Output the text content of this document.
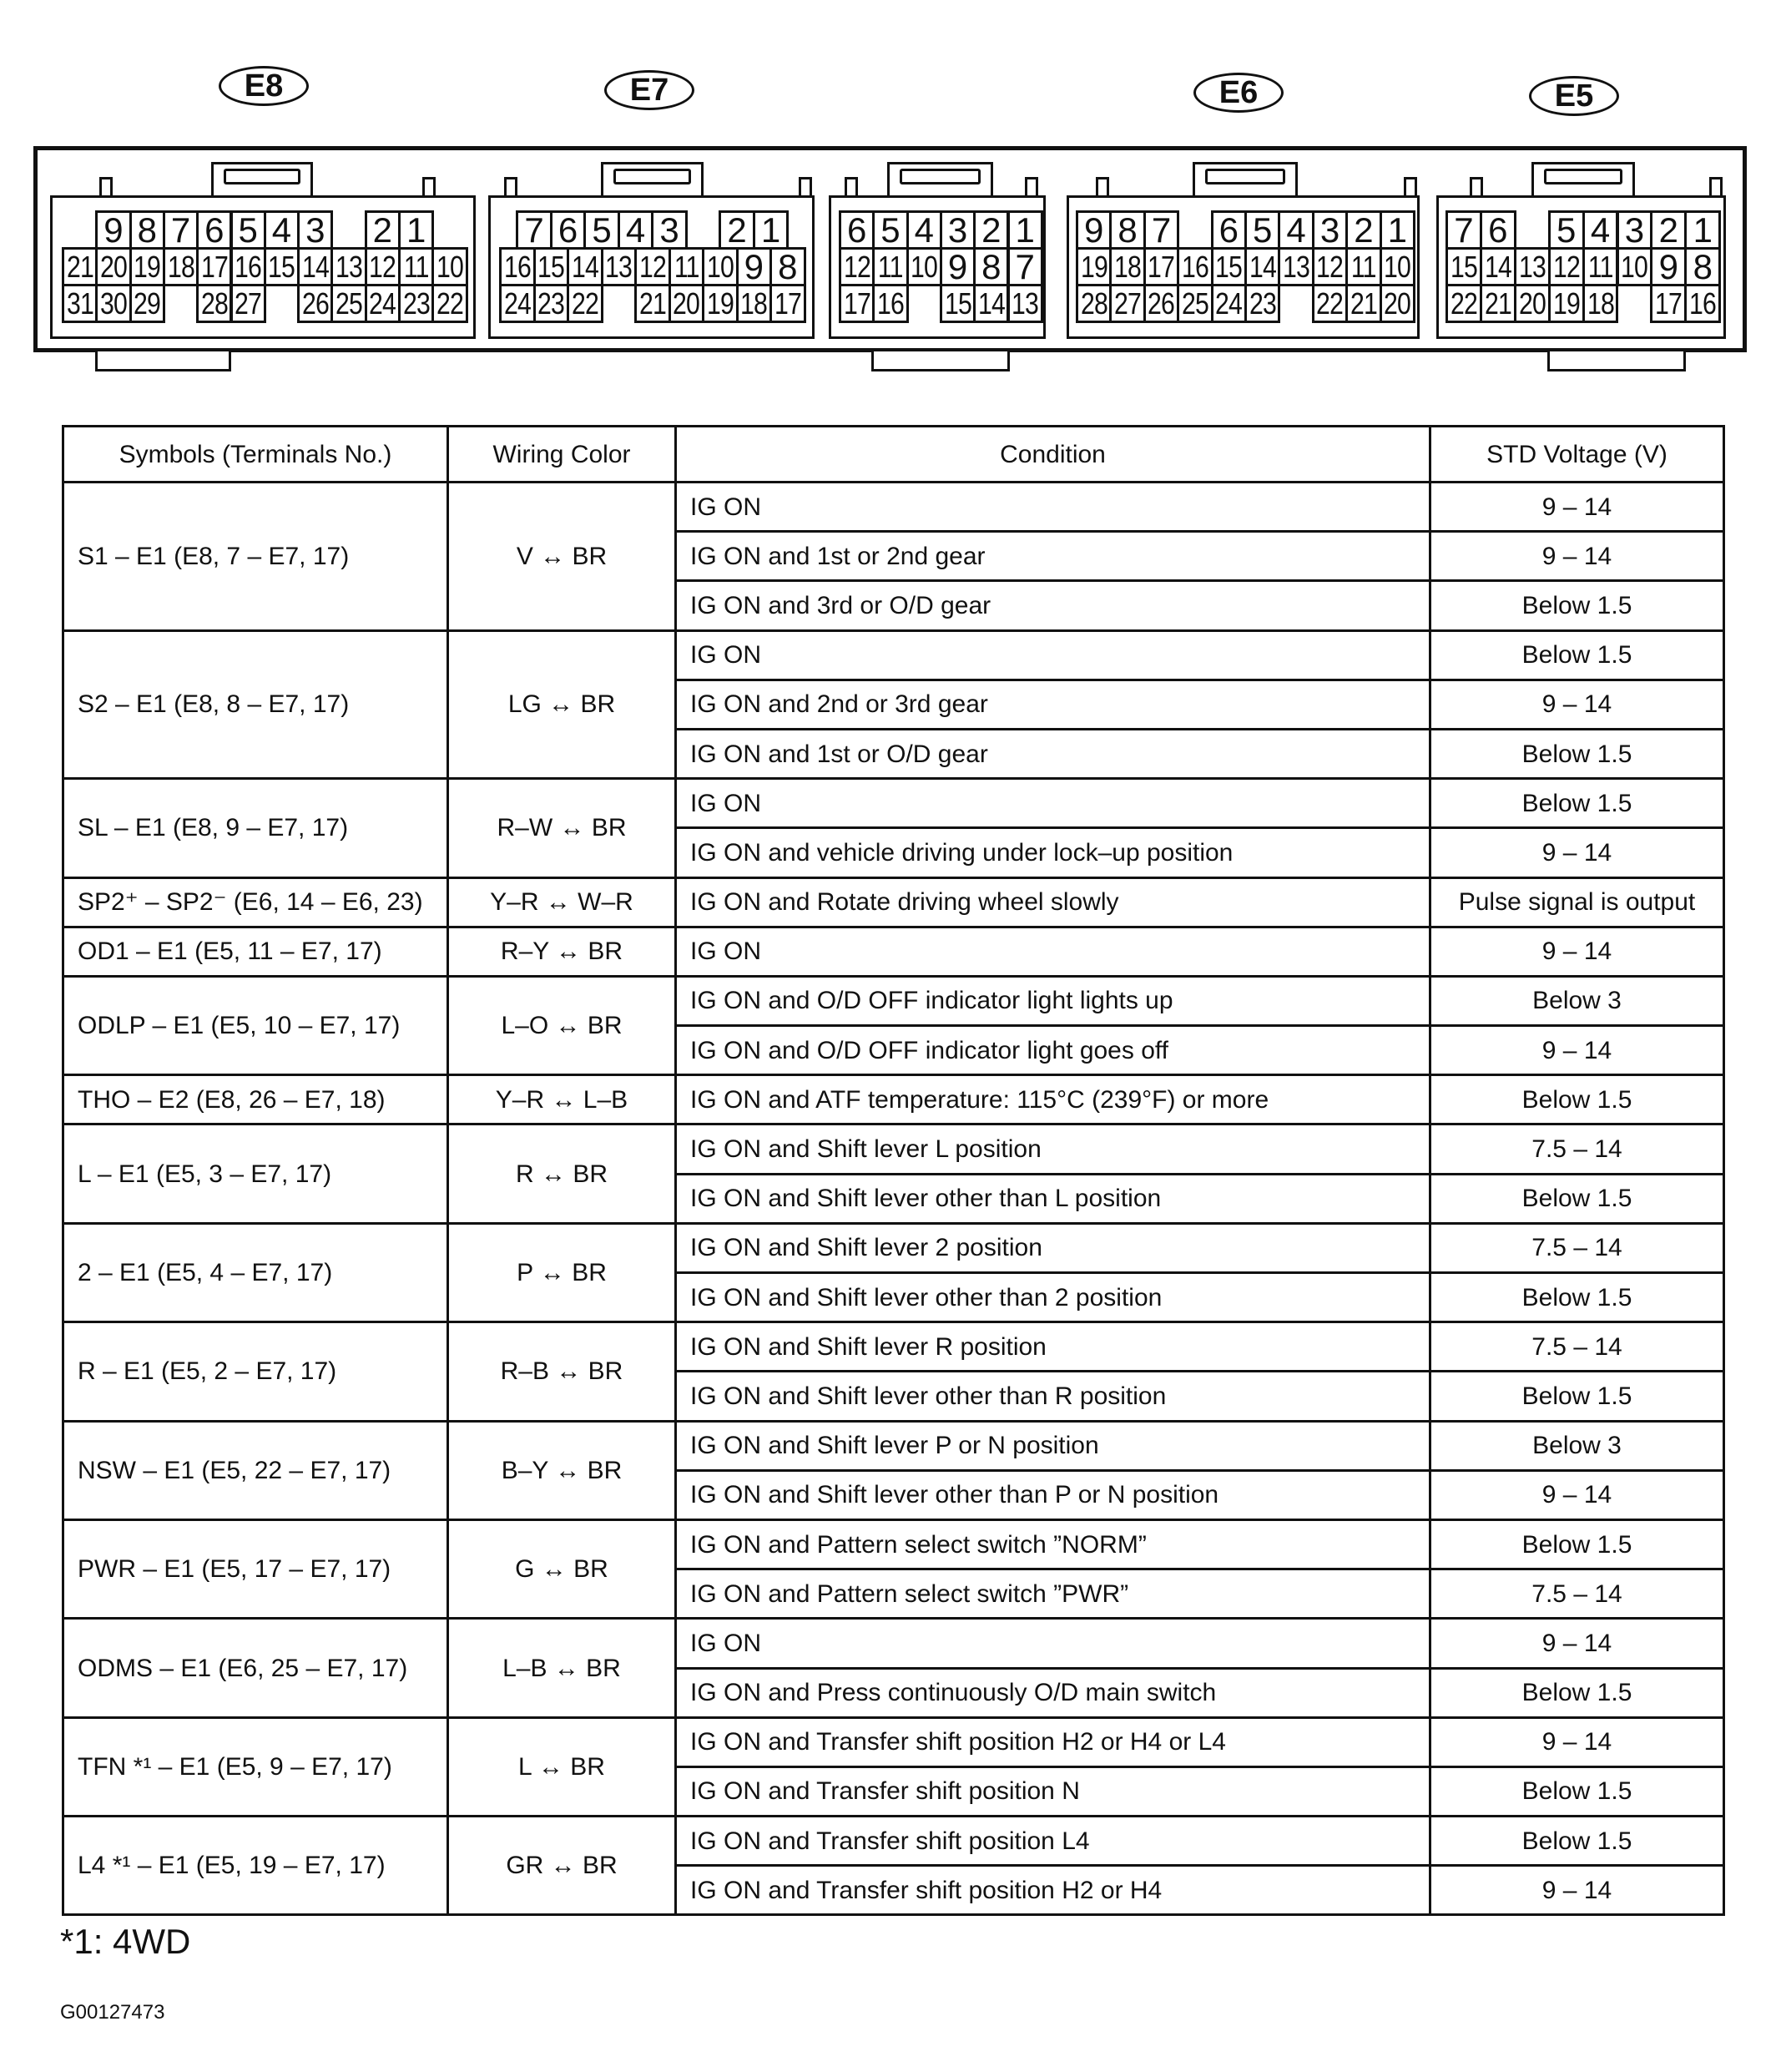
E8
9 8 7 6 5 4 3 2 1
21 20 19 18 17 16 15 14 13 12 11 10
31 30 29 28 27 26 25 24 23 22
E7
7 6 5 4 3 2 1
16 15 14 13 12 11 10 9 8
24 23 22 21 20 19 18 17
6 5 4 3 2 1
12 11 10 9 8 7
17 16 15 14 13
E6
9 8 7 6 5 4 3 2 1
19 18 17 16 15 14 13 12 11 10
28 27 26 25 24 23 22 21 20
E5
7 6 5 4 3 2 1
15 14 13 12 11 10 9 8
22 21 20 19 18 17 16
Symbols (Terminals No.)	Wiring Color	Condition	STD Voltage (V)
S1 – E1 (E8, 7 – E7, 17)	V ↔ BR	IG ON	9 – 14
		IG ON and 1st or 2nd gear	9 – 14
		IG ON and 3rd or O/D gear	Below 1.5
S2 – E1 (E8, 8 – E7, 17)	LG ↔ BR	IG ON	Below 1.5
		IG ON and 2nd or 3rd gear	9 – 14
		IG ON and 1st or O/D gear	Below 1.5
SL – E1 (E8, 9 – E7, 17)	R–W ↔ BR	IG ON	Below 1.5
		IG ON and vehicle driving under lock–up position	9 – 14
SP2⁺ – SP2⁻ (E6, 14 – E6, 23)	Y–R ↔ W–R	IG ON and Rotate driving wheel slowly	Pulse signal is output
OD1 – E1 (E5, 11 – E7, 17)	R–Y ↔ BR	IG ON	9 – 14
ODLP – E1 (E5, 10 – E7, 17)	L–O ↔ BR	IG ON and O/D OFF indicator light lights up	Below 3
		IG ON and O/D OFF indicator light goes off	9 – 14
THO – E2 (E8, 26 – E7, 18)	Y–R ↔ L–B	IG ON and ATF temperature: 115°C (239°F) or more	Below 1.5
L – E1 (E5, 3 – E7, 17)	R ↔ BR	IG ON and Shift lever L position	7.5 – 14
		IG ON and Shift lever other than L position	Below 1.5
2 – E1 (E5, 4 – E7, 17)	P ↔ BR	IG ON and Shift lever 2 position	7.5 – 14
		IG ON and Shift lever other than 2 position	Below 1.5
R – E1 (E5, 2 – E7, 17)	R–B ↔ BR	IG ON and Shift lever R position	7.5 – 14
		IG ON and Shift lever other than R position	Below 1.5
NSW – E1 (E5, 22 – E7, 17)	B–Y ↔ BR	IG ON and Shift lever P or N position	Below 3
		IG ON and Shift lever other than P or N position	9 – 14
PWR – E1 (E5, 17 – E7, 17)	G ↔ BR	IG ON and Pattern select switch ”NORM”	Below 1.5
		IG ON and Pattern select switch ”PWR”	7.5 – 14
ODMS – E1 (E6, 25 – E7, 17)	L–B ↔ BR	IG ON	9 – 14
		IG ON and Press continuously O/D main switch	Below 1.5
TFN *¹ – E1 (E5, 9 – E7, 17)	L ↔ BR	IG ON and Transfer shift position H2 or H4 or L4	9 – 14
		IG ON and Transfer shift position N	Below 1.5
L4 *¹ – E1 (E5, 19 – E7, 17)	GR ↔ BR	IG ON and Transfer shift position L4	Below 1.5
		IG ON and Transfer shift position H2 or H4	9 – 14
*1: 4WD
G00127473
